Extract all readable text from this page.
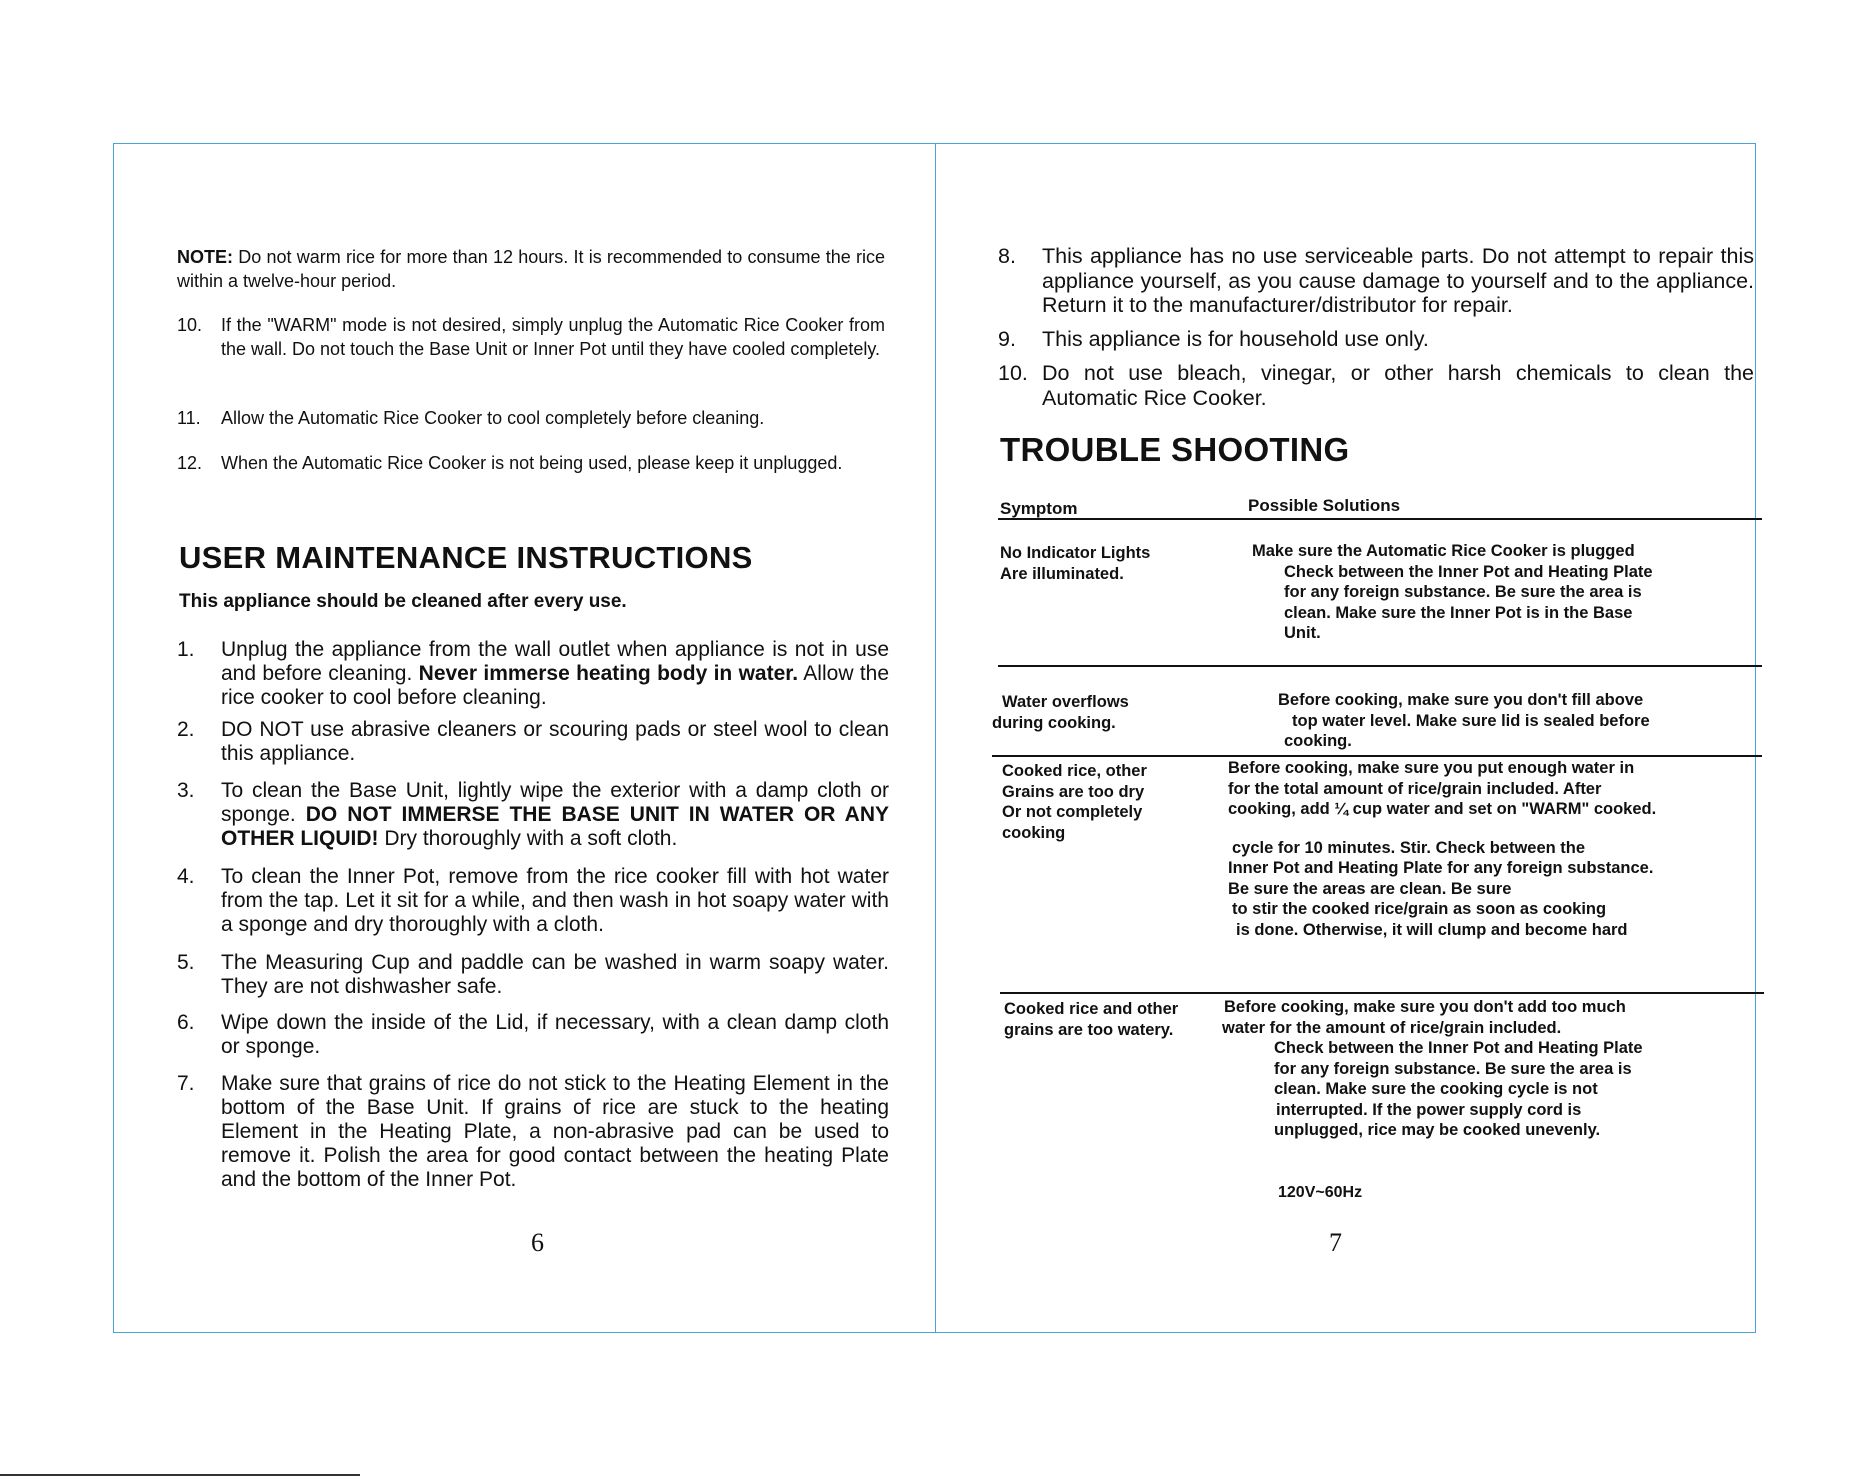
NOTE: Do not warm rice for more than 12 hours. It is recommended to consume the rice within a twelve-hour period.
10. If the "WARM" mode is not desired, simply unplug the Automatic Rice Cooker from the wall. Do not touch the Base Unit or Inner Pot until they have cooled completely.
11. Allow the Automatic Rice Cooker to cool completely before cleaning.
12. When the Automatic Rice Cooker is not being used, please keep it unplugged.
USER MAINTENANCE INSTRUCTIONS
This appliance should be cleaned after every use.
1. Unplug the appliance from the wall outlet when appliance is not in use and before cleaning. Never immerse heating body in water. Allow the rice cooker to cool before cleaning.
2. DO NOT use abrasive cleaners or scouring pads or steel wool to clean this appliance.
3. To clean the Base Unit, lightly wipe the exterior with a damp cloth or sponge. DO NOT IMMERSE THE BASE UNIT IN WATER OR ANY OTHER LIQUID! Dry thoroughly with a soft cloth.
4. To clean the Inner Pot, remove from the rice cooker fill with hot water from the tap. Let it sit for a while, and then wash in hot soapy water with a sponge and dry thoroughly with a cloth.
5. The Measuring Cup and paddle can be washed in warm soapy water. They are not dishwasher safe.
6. Wipe down the inside of the Lid, if necessary, with a clean damp cloth or sponge.
7. Make sure that grains of rice do not stick to the Heating Element in the bottom of the Base Unit. If grains of rice are stuck to the heating Element in the Heating Plate, a non-abrasive pad can be used to remove it. Polish the area for good contact between the heating Plate and the bottom of the Inner Pot.
6
8. This appliance has no use serviceable parts. Do not attempt to repair this appliance yourself, as you cause damage to yourself and to the appliance. Return it to the manufacturer/distributor for repair.
9. This appliance is for household use only.
10. Do not use bleach, vinegar, or other harsh chemicals to clean the Automatic Rice Cooker.
TROUBLE SHOOTING
Symptom	Possible Solutions
No Indicator Lights
Are illuminated.
Make sure the Automatic Rice Cooker is plugged
Check between the Inner Pot and Heating Plate
for any foreign substance. Be sure the area is
clean. Make sure the Inner Pot is in the Base
Unit.
Water overflows
during cooking.
Before cooking, make sure you don't fill above
top water level. Make sure lid is sealed before
cooking.
Cooked rice, other
Grains are too dry
Or not completely
cooking
Before cooking, make sure you put enough water in
for the total amount of rice/grain included. After
cooking, add ¼ cup water and set on "WARM" cooked.
cycle for 10 minutes. Stir. Check between the
Inner Pot and Heating Plate for any foreign substance.
Be sure the areas are clean. Be sure
to stir the cooked rice/grain as soon as cooking
is done. Otherwise, it will clump and become hard
Cooked rice and other
grains are too watery.
Before cooking, make sure you don't add too much
water for the amount of rice/grain included.
Check between the Inner Pot and Heating Plate
for any foreign substance. Be sure the area is
clean. Make sure the cooking cycle is not
interrupted. If the power supply cord is
unplugged, rice may be cooked unevenly.
120V~60Hz
7
